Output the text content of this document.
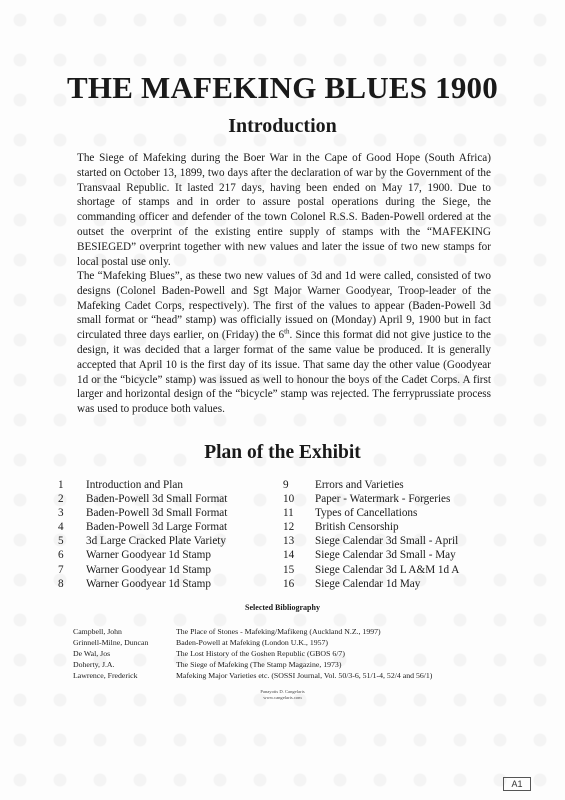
THE MAFEKING BLUES 1900
Introduction

The Siege of Mafeking during the Boer War in the Cape of Good Hope (South Africa) started on October 13, 1899, two days after the declaration of war by the Government of the Transvaal Republic. It lasted 217 days, having been ended on May 17, 1900. Due to shortage of stamps and in order to assure postal operations during the Siege, the commanding officer and defender of the town Colonel R.S.S. Baden-Powell ordered at the outset the overprint of the existing entire supply of stamps with the “MAFEKING BESIEGED” overprint together with new values and later the issue of two new stamps for local postal use only.

The “Mafeking Blues”, as these two new values of 3d and 1d were called, consisted of two designs (Colonel Baden-Powell and Sgt Major Warner Goodyear, Troop-leader of the Mafeking Cadet Corps, respectively). The first of the values to appear (Baden-Powell 3d small format or “head” stamp) was officially issued on (Monday) April 9, 1900 but in fact circulated three days earlier, on (Friday) the 6th. Since this format did not give justice to the design, it was decided that a larger format of the same value be produced. It is generally accepted that April 10 is the first day of its issue. That same day the other value (Goodyear 1d or the “bicycle” stamp) was issued as well to honour the boys of the Cadet Corps. A first larger and horizontal design of the “bicycle” stamp was rejected. The ferryprussiate process was used to produce both values.

Plan of the Exhibit
1	Introduction and Plan
2	Baden-Powell 3d Small Format
3	Baden-Powell 3d Small Format
4	Baden-Powell 3d Large Format
5	3d Large Cracked Plate Variety
6	Warner Goodyear 1d Stamp
7	Warner Goodyear 1d Stamp
8	Warner Goodyear 1d Stamp
9	Errors and Varieties
10	Paper - Watermark - Forgeries
11	Types of Cancellations
12	British Censorship
13	Siege Calendar 3d Small - April
14	Siege Calendar 3d Small - May
15	Siege Calendar 3d L A&M 1d A
16	Siege Calendar 1d May
Selected Bibliography
Campbell, John	The Place of Stones - Mafeking/Mafikeng (Auckland N.Z., 1997)
Grinnell-Milne, Duncan	Baden-Powell at Mafeking (London U.K., 1957)
De Wal, Jos	The Lost History of the Goshen Republic (GBOS 6/7)
Doherty, J.A.	The Siege of Mafeking (The Stamp Magazine, 1973)
Lawrence, Frederick	Mafeking Major Varieties etc. (SOSSI Journal, Vol. 50/3-6, 51/1-4, 52/4 and 56/1)
Panayotis D. Cangelaris
www.cangelaris.com
A1
